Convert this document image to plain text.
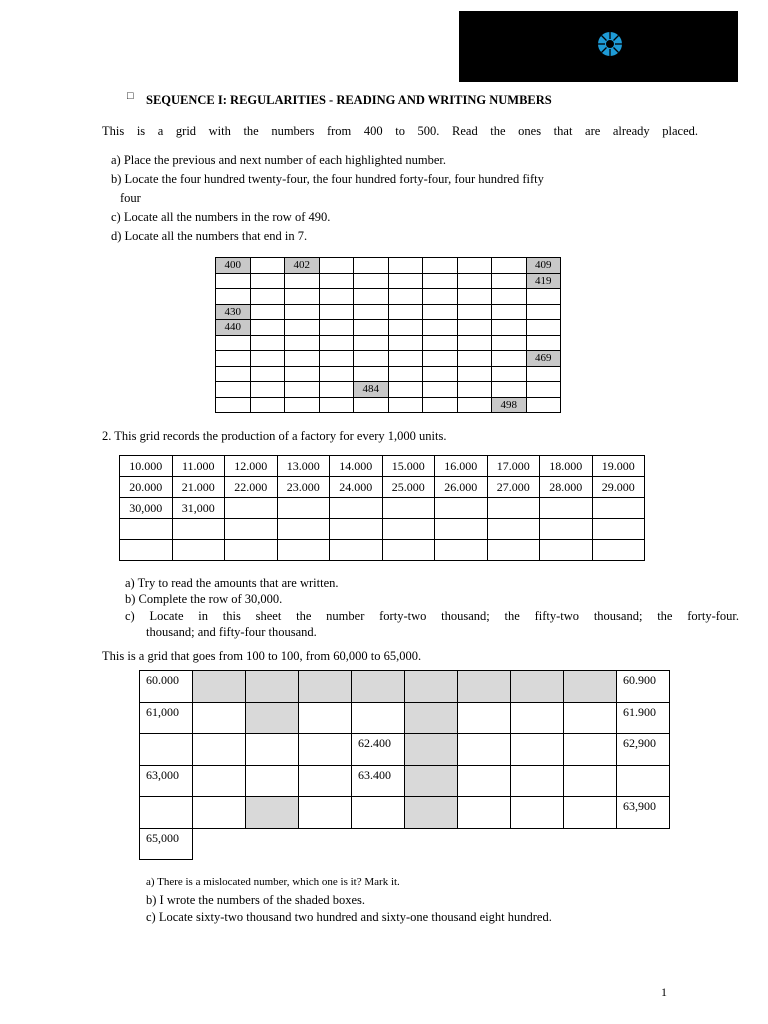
□ SEQUENCE I: REGULARITIES - READING AND WRITING NUMBERS
This is a grid with the numbers from 400 to 500. Read the ones that are already placed.
a) Place the previous and next number of each highlighted number.
b) Locate the four hundred twenty-four, the four hundred forty-four, four hundred fifty
four
c) Locate all the numbers in the row of 490.
d) Locate all the numbers that end in 7.
400		402							409
									419

430									
440									

									469

				484					
								498	
2. This grid records the production of a factory for every 1,000 units.
10.000	11.000	12.000	13.000	14.000	15.000	16.000	17.000	18.000	19.000
20.000	21.000	22.000	23.000	24.000	25.000	26.000	27.000	28.000	29.000
30,000	31,000								

a) Try to read the amounts that are written.
b) Complete the row of 30,000.
c) Locate in this sheet the number forty-two thousand; the fifty-two thousand; the forty-four.
thousand; and fifty-four thousand.
This is a grid that goes from 100 to 100, from 60,000 to 65,000.
60.000									60.900
61,000									61.900
				62.400					62,900
63,000				63.400					
									63,900
65,000									
a) There is a mislocated number, which one is it? Mark it.
b) I wrote the numbers of the shaded boxes.
c) Locate sixty-two thousand two hundred and sixty-one thousand eight hundred.
1
